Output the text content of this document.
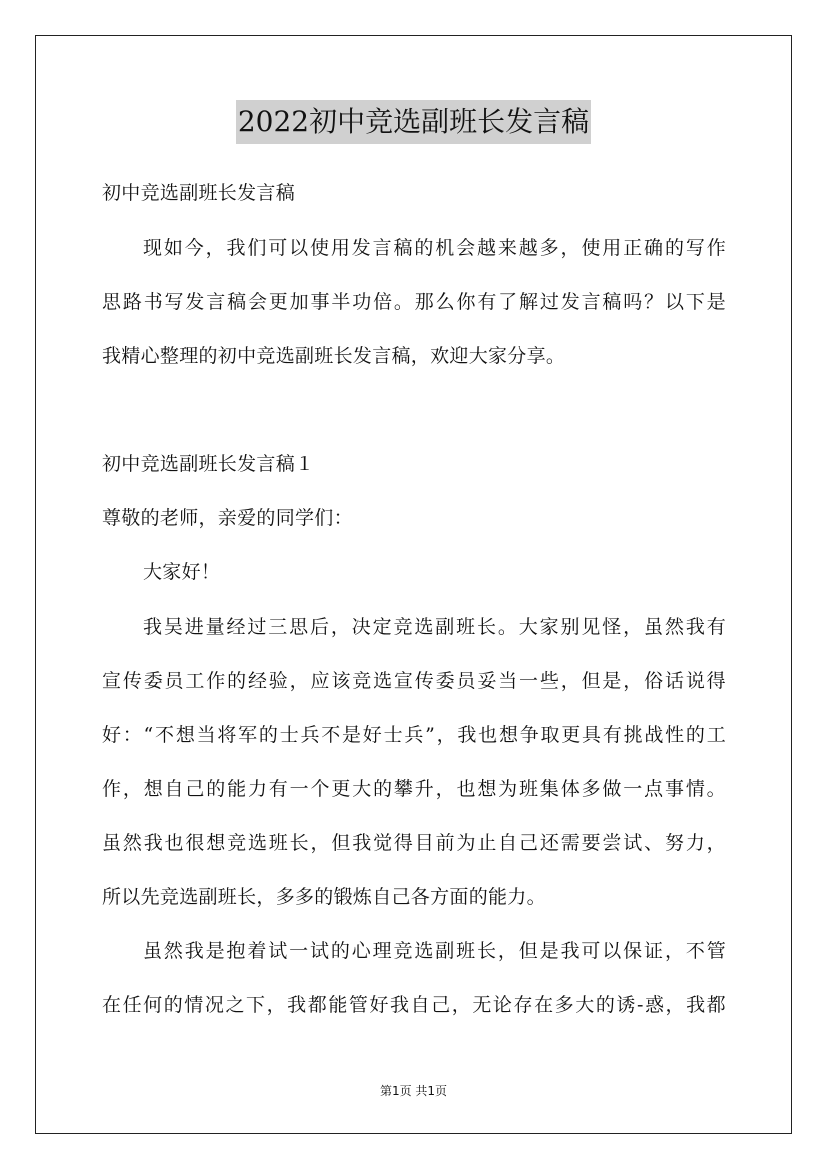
2022初中竞选副班长发言稿
初中竞选副班长发言稿
现如今，我们可以使用发言稿的机会越来越多，使用正确的写作
思路书写发言稿会更加事半功倍。那么你有了解过发言稿吗？以下是
我精心整理的初中竞选副班长发言稿，欢迎大家分享。
初中竞选副班长发言稿１
尊敬的老师，亲爱的同学们：
大家好！
我吴进量经过三思后，决定竞选副班长。大家别见怪，虽然我有
宣传委员工作的经验，应该竞选宣传委员妥当一些，但是，俗话说得
好：“不想当将军的士兵不是好士兵”，我也想争取更具有挑战性的工
作，想自己的能力有一个更大的攀升，也想为班集体多做一点事情。
虽然我也很想竞选班长，但我觉得目前为止自己还需要尝试、努力，
所以先竞选副班长，多多的锻炼自己各方面的能力。
虽然我是抱着试一试的心理竞选副班长，但是我可以保证，不管
在任何的情况之下，我都能管好我自己，无论存在多大的诱-惑，我都
第1页 共1页
